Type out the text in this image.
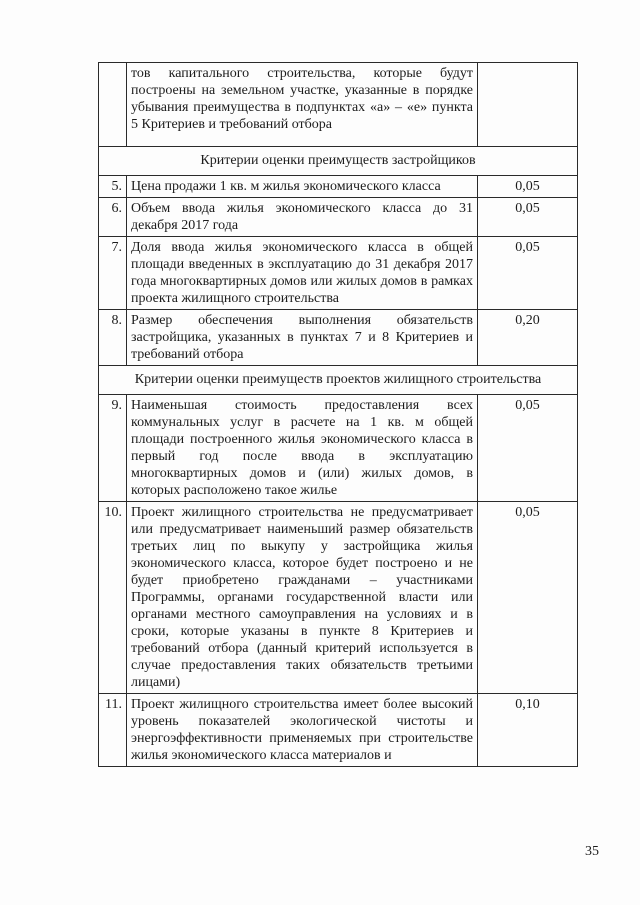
	тов капитального строительства, которые будут построены на земельном участке, указанные в порядке убывания преимущества в подпунктах «а» – «е» пункта 5 Критериев и требований отбора	
Критерии оценки преимуществ застройщиков		
5.	Цена продажи 1 кв. м жилья экономического класса	0,05
6.	Объем ввода жилья экономического класса до 31 декабря 2017 года	0,05
7.	Доля ввода жилья экономического класса в общей площади введенных в эксплуатацию до 31 декабря 2017 года многоквартирных домов или жилых домов в рамках проекта жилищного строительства	0,05
8.	Размер обеспечения выполнения обязательств застройщика, указанных в пунктах 7 и 8 Критериев и требований отбора	0,20
Критерии оценки преимуществ проектов жилищного строительства		
9.	Наименьшая стоимость предоставления всех коммунальных услуг в расчете на 1 кв. м общей площади построенного жилья экономического класса в первый год после ввода в эксплуатацию многоквартирных домов и (или) жилых домов, в которых расположено такое жилье	0,05
10.	Проект жилищного строительства не предусматривает или предусматривает наименьший размер обязательств третьих лиц по выкупу у застройщика жилья экономического класса, которое будет построено и не будет приобретено гражданами – участниками Программы, органами государственной власти или органами местного самоуправления на условиях и в сроки, которые указаны в пункте 8 Критериев и требований отбора (данный критерий используется в случае предоставления таких обязательств третьими лицами)	0,05
11.	Проект жилищного строительства имеет более высокий уровень показателей экологической чистоты и энергоэффективности применяемых при строительстве жилья экономического класса материалов и	0,10
35
